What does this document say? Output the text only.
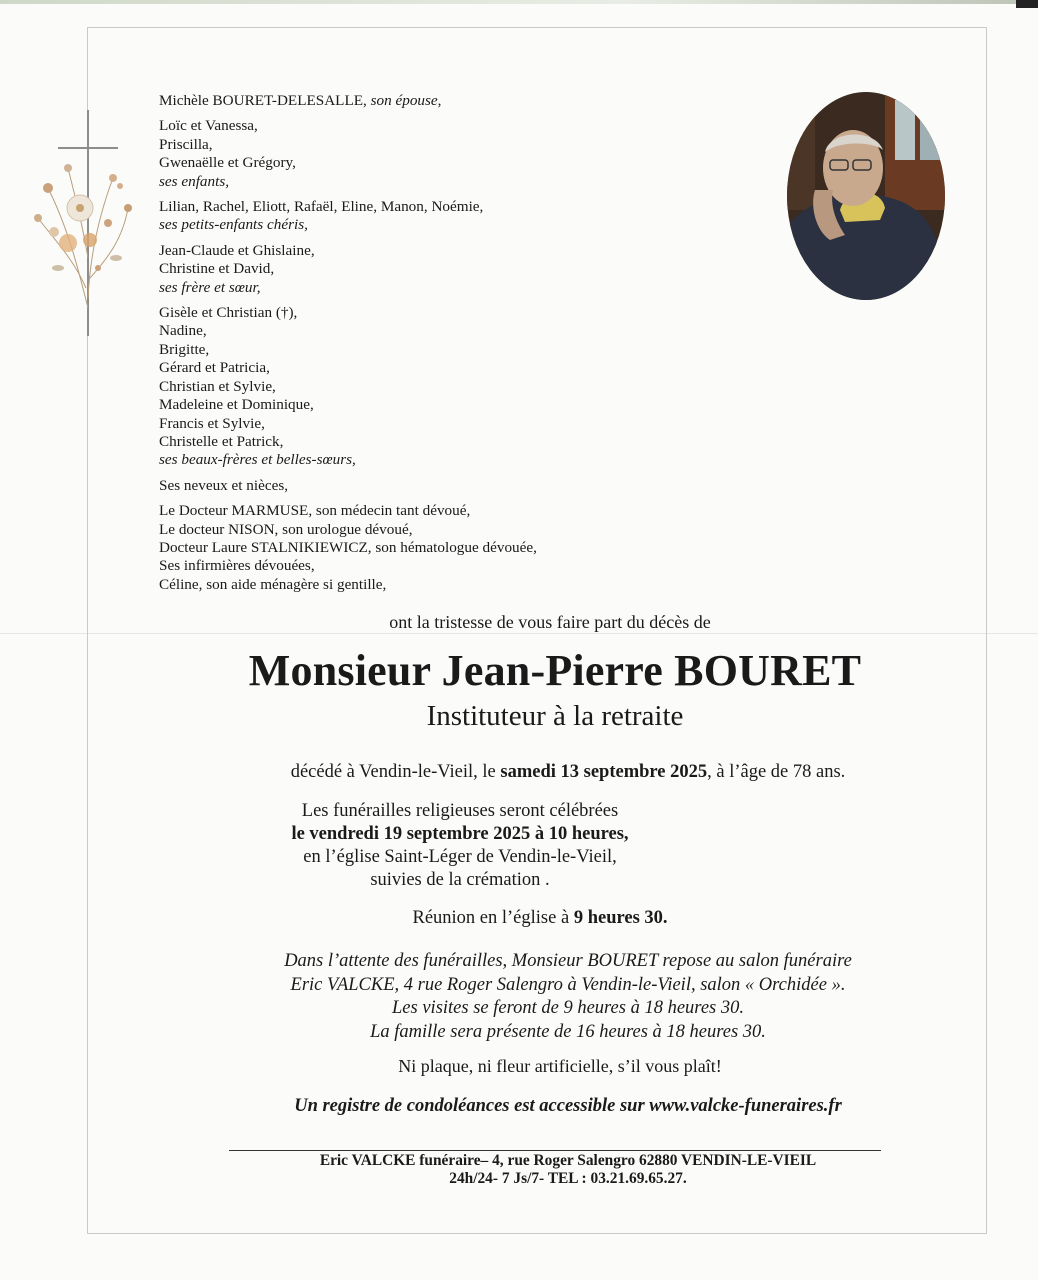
Michèle BOURET-DELESALLE, son épouse,
Loïc et Vanessa,
Priscilla,
Gwenaëlle et Grégory,
ses enfants,
Lilian, Rachel, Eliott, Rafaël, Eline, Manon, Noémie,
ses petits-enfants chéris,
Jean-Claude et Ghislaine,
Christine et David,
ses frère et sœur,
Gisèle et Christian (†),
Nadine,
Brigitte,
Gérard et Patricia,
Christian et Sylvie,
Madeleine et Dominique,
Francis et Sylvie,
Christelle et Patrick,
ses beaux-frères et belles-sœurs,
Ses neveux et nièces,
Le Docteur MARMUSE, son médecin tant dévoué,
Le docteur NISON, son urologue dévoué,
Docteur Laure STALNIKIEWICZ, son hématologue dévouée,
Ses infirmières dévouées,
Céline, son aide ménagère si gentille,
ont la tristesse de vous faire part du décès de
Monsieur Jean-Pierre BOURET
Instituteur à la retraite
décédé à Vendin-le-Vieil, le samedi 13 septembre 2025, à l’âge de 78 ans.
Les funérailles religieuses seront célébrées
le vendredi 19 septembre 2025 à 10 heures,
en l’église Saint-Léger de Vendin-le-Vieil,
suivies de la crémation .
Réunion en l’église à 9 heures 30.
Dans l’attente des funérailles, Monsieur BOURET repose au salon funéraire
Eric VALCKE, 4 rue Roger Salengro à Vendin-le-Vieil, salon « Orchidée ».
Les visites se feront de 9 heures à 18 heures 30.
La famille sera présente de 16 heures à 18 heures 30.
Ni plaque, ni fleur artificielle, s’il vous plaît!
Un registre de condoléances est accessible sur www.valcke-funeraires.fr
Eric VALCKE funéraire– 4, rue Roger Salengro 62880 VENDIN-LE-VIEIL
24h/24- 7 Js/7- TEL : 03.21.69.65.27.
